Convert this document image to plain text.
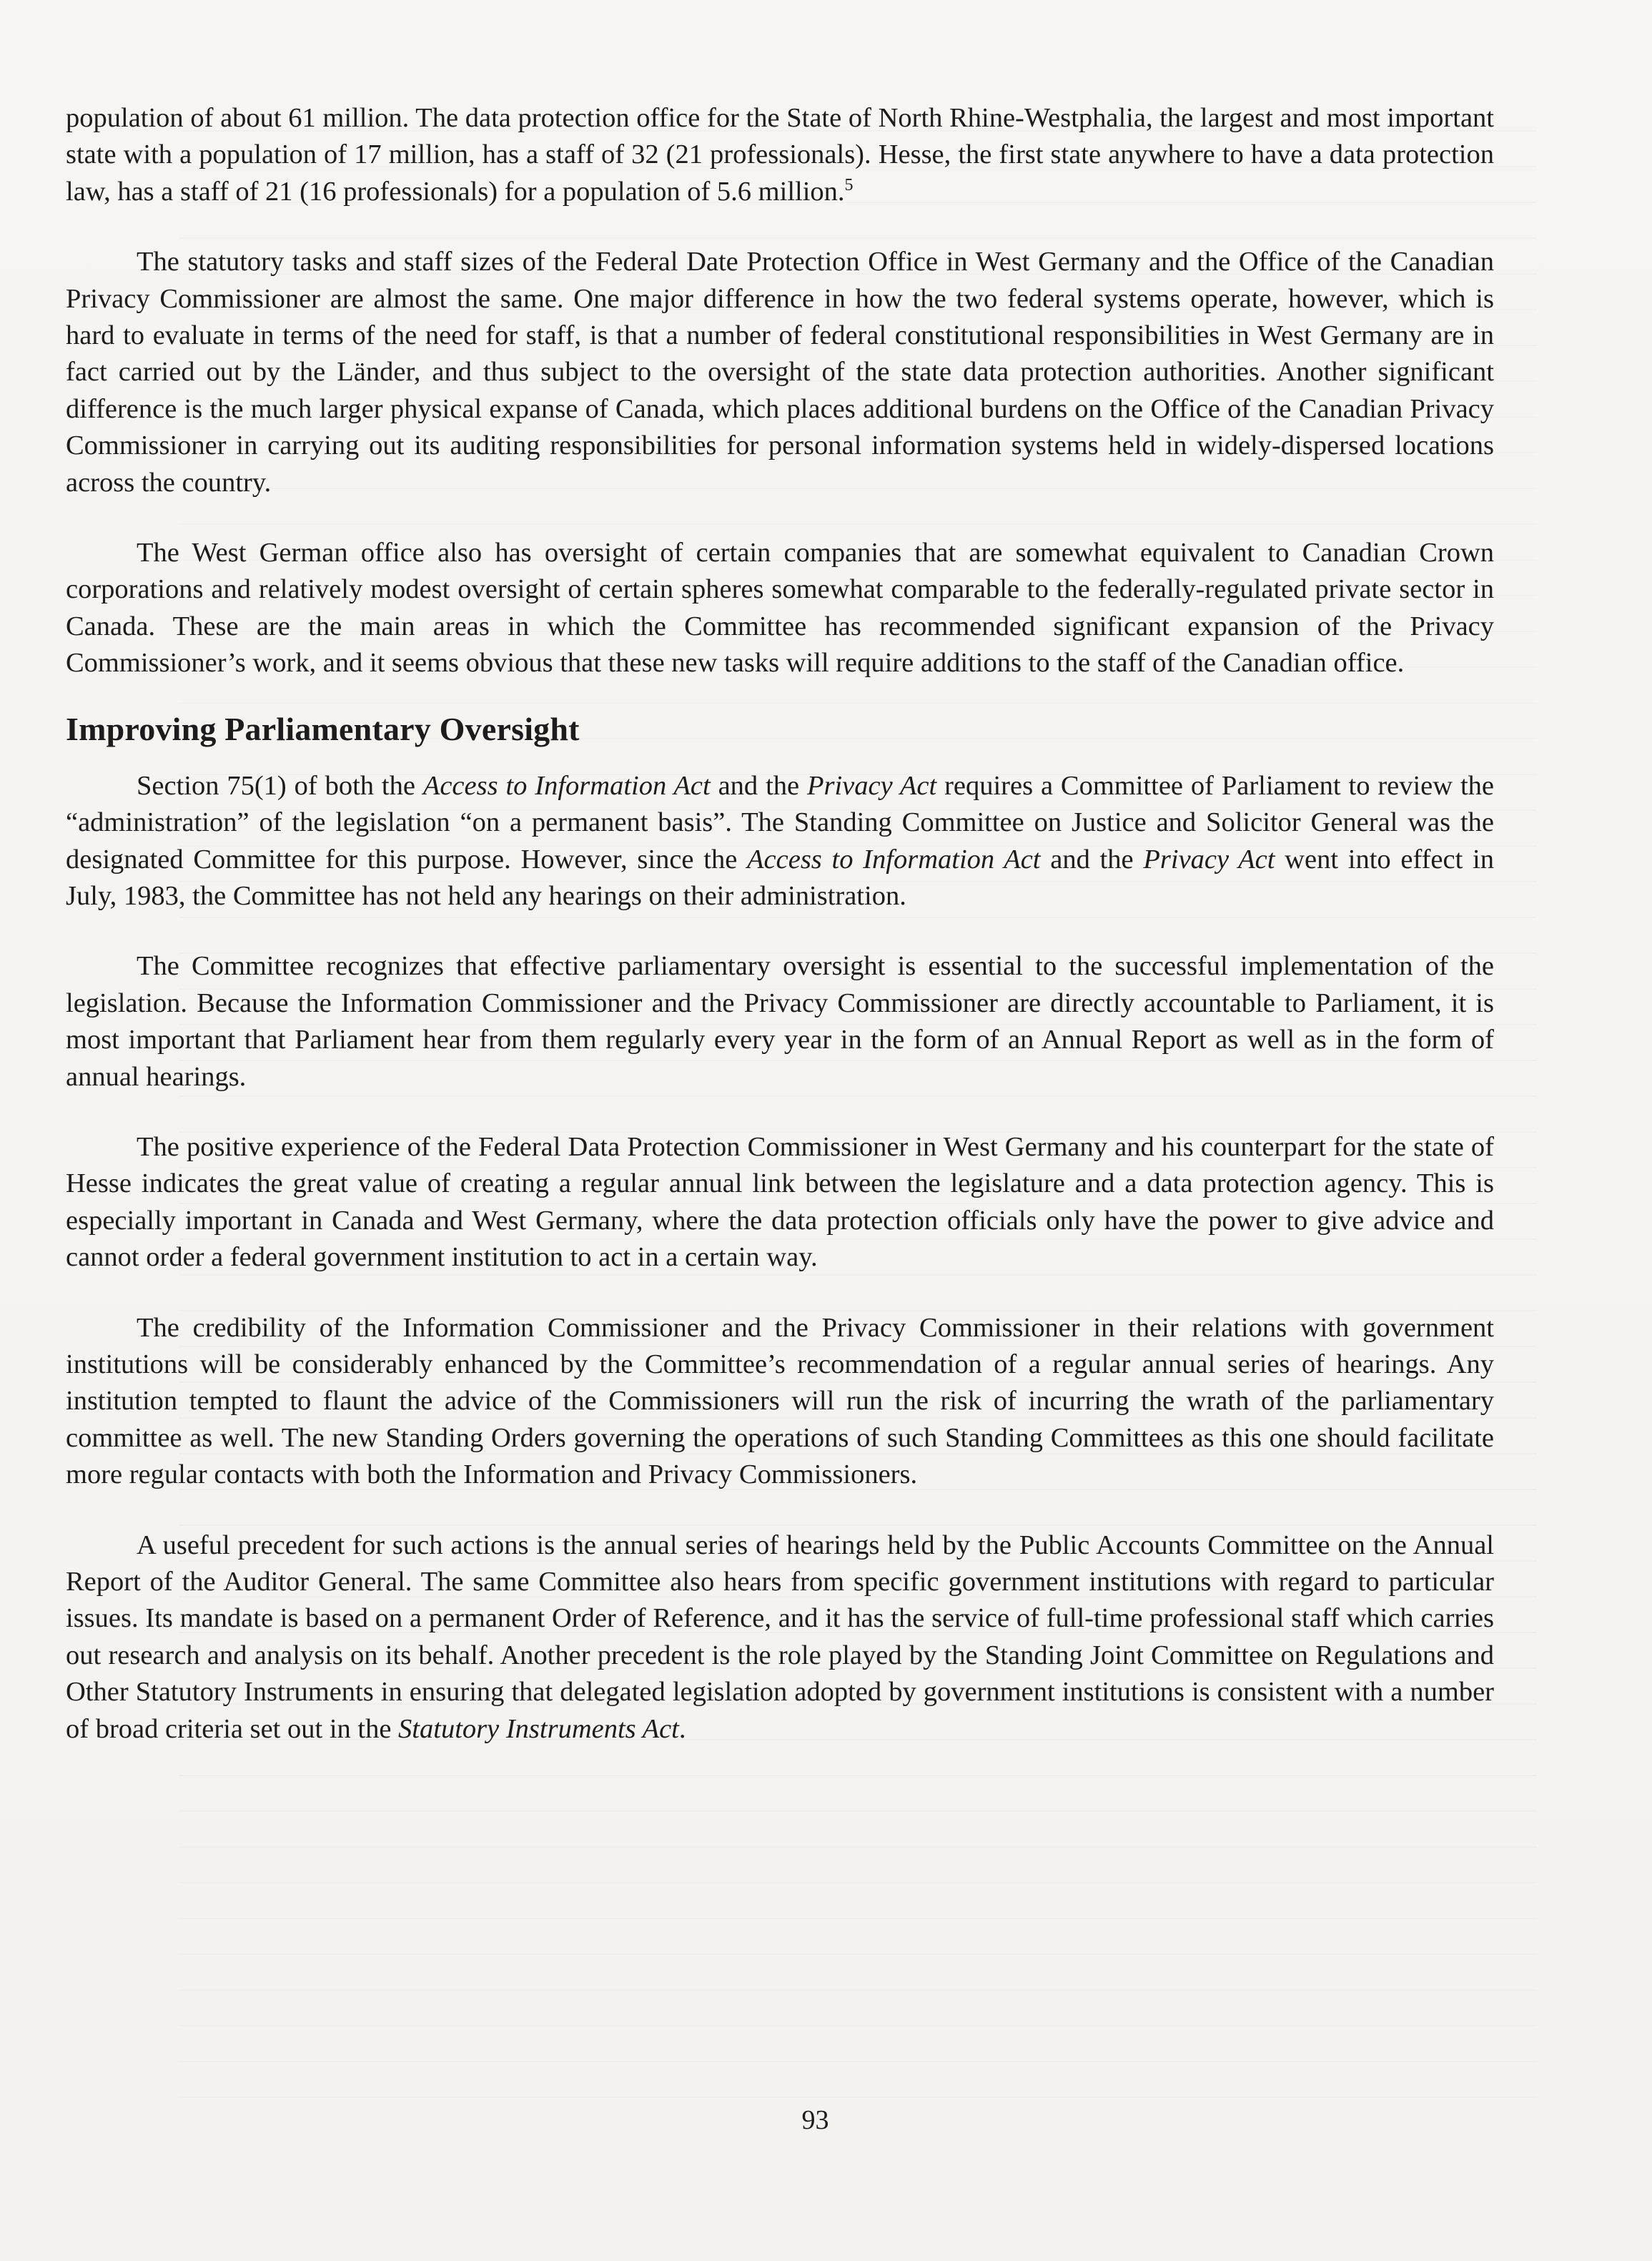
population of about 61 million. The data protection office for the State of North Rhine-Westphalia, the largest and most important state with a population of 17 million, has a staff of 32 (21 professionals). Hesse, the first state anywhere to have a data protection law, has a staff of 21 (16 professionals) for a population of 5.6 million.$^5$

The statutory tasks and staff sizes of the Federal Date Protection Office in West Germany and the Office of the Canadian Privacy Commissioner are almost the same. One major difference in how the two federal systems operate, however, which is hard to evaluate in terms of the need for staff, is that a number of federal constitutional responsibilities in West Germany are in fact carried out by the Länder, and thus subject to the oversight of the state data protection authorities. Another significant difference is the much larger physical expanse of Canada, which places additional burdens on the Office of the Canadian Privacy Commissioner in carrying out its auditing responsibilities for personal information systems held in widely-dispersed locations across the country.

The West German office also has oversight of certain companies that are somewhat equivalent to Canadian Crown corporations and relatively modest oversight of certain spheres somewhat comparable to the federally-regulated private sector in Canada. These are the main areas in which the Committee has recommended significant expansion of the Privacy Commissioner’s work, and it seems obvious that these new tasks will require additions to the staff of the Canadian office.

Improving Parliamentary Oversight

Section 75(1) of both the Access to Information Act and the Privacy Act requires a Committee of Parliament to review the “administration” of the legislation “on a permanent basis”. The Standing Committee on Justice and Solicitor General was the designated Committee for this purpose. However, since the Access to Information Act and the Privacy Act went into effect in July, 1983, the Committee has not held any hearings on their administration.

The Committee recognizes that effective parliamentary oversight is essential to the successful implementation of the legislation. Because the Information Commissioner and the Privacy Commissioner are directly accountable to Parliament, it is most important that Parliament hear from them regularly every year in the form of an Annual Report as well as in the form of annual hearings.

The positive experience of the Federal Data Protection Commissioner in West Germany and his counterpart for the state of Hesse indicates the great value of creating a regular annual link between the legislature and a data protection agency. This is especially important in Canada and West Germany, where the data protection officials only have the power to give advice and cannot order a federal government institution to act in a certain way.

The credibility of the Information Commissioner and the Privacy Commissioner in their relations with government institutions will be considerably enhanced by the Committee’s recommendation of a regular annual series of hearings. Any institution tempted to flaunt the advice of the Commissioners will run the risk of incurring the wrath of the parliamentary committee as well. The new Standing Orders governing the operations of such Standing Committees as this one should facilitate more regular contacts with both the Information and Privacy Commissioners.

A useful precedent for such actions is the annual series of hearings held by the Public Accounts Committee on the Annual Report of the Auditor General. The same Committee also hears from specific government institutions with regard to particular issues. Its mandate is based on a permanent Order of Reference, and it has the service of full-time professional staff which carries out research and analysis on its behalf. Another precedent is the role played by the Standing Joint Committee on Regulations and Other Statutory Instruments in ensuring that delegated legislation adopted by government institutions is consistent with a number of broad criteria set out in the Statutory Instruments Act.

93
